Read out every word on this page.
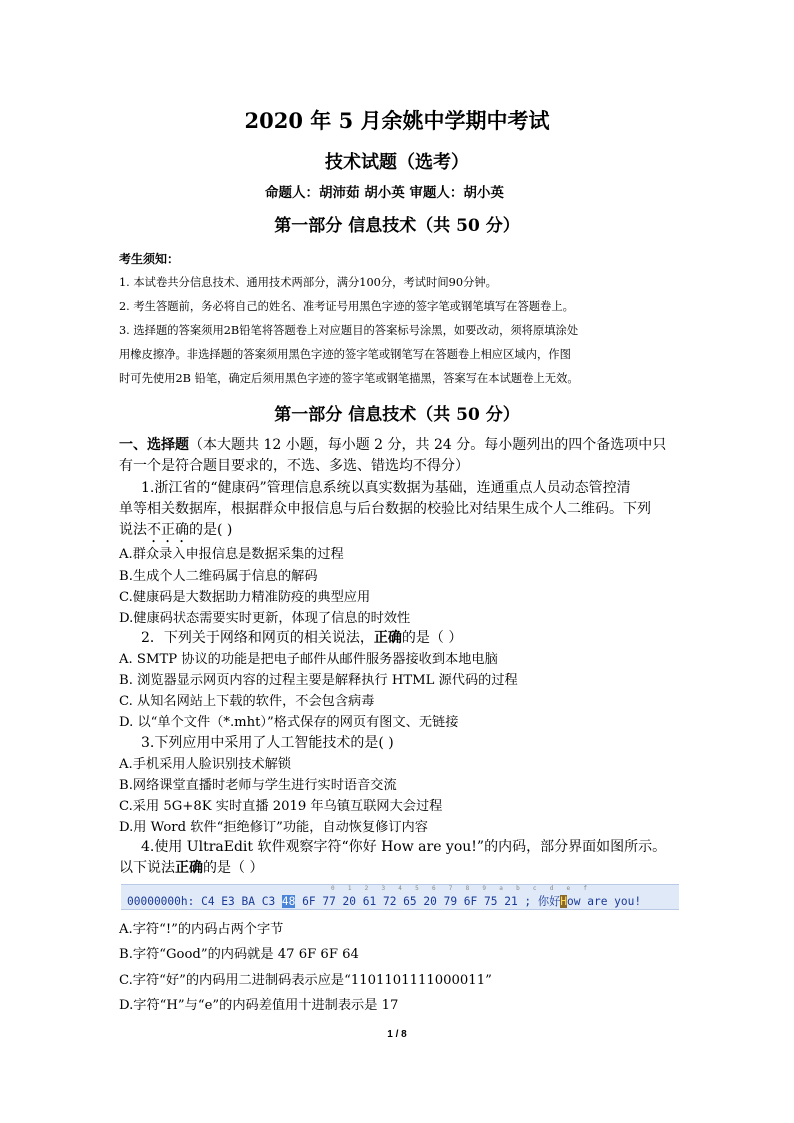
2020 年 5 月余姚中学期中考试
技术试题（选考）
命题人：胡沛茹 胡小英 审题人：胡小英
第一部分 信息技术（共 50 分）
考生须知：
1. 本试卷共分信息技术、通用技术两部分，满分100分，考试时间90分钟。
2. 考生答题前，务必将自己的姓名、准考证号用黑色字迹的签字笔或钢笔填写在答题卷上。
3. 选择题的答案须用2B铅笔将答题卷上对应题目的答案标号涂黑，如要改动，须将原填涂处
用橡皮擦净。非选择题的答案须用黑色字迹的签字笔或钢笔写在答题卷上相应区域内，作图
时可先使用2B 铅笔，确定后须用黑色字迹的签字笔或钢笔描黑，答案写在本试题卷上无效。
第一部分 信息技术（共 50 分）
一、选择题（本大题共 12 小题，每小题 2 分，共 24 分。每小题列出的四个备选项中只
有一个是符合题目要求的，不选、多选、错选均不得分）
1.浙江省的“健康码”管理信息系统以真实数据为基础，连通重点人员动态管控清
单等相关数据库，根据群众申报信息与后台数据的校验比对结果生成个人二维码。下列
说法不正确的是( )
A.群众录入申报信息是数据采集的过程
B.生成个人二维码属于信息的解码
C.健康码是大数据助力精准防疫的典型应用
D.健康码状态需要实时更新，体现了信息的时效性
2．下列关于网络和网页的相关说法，正确的是（ ）
A. SMTP 协议的功能是把电子邮件从邮件服务器接收到本地电脑
B. 浏览器显示网页内容的过程主要是解释执行 HTML 源代码的过程
C. 从知名网站上下载的软件，不会包含病毒
D. 以“单个文件（*.mht）”格式保存的网页有图文、无链接
3.下列应用中采用了人工智能技术的是( )
A.手机采用人脸识别技术解锁
B.网络课堂直播时老师与学生进行实时语音交流
C.采用 5G+8K 实时直播 2019 年乌镇互联网大会过程
D.用 Word 软件“拒绝修订”功能，自动恢复修订内容
4.使用 UltraEdit 软件观察字符“你好 How are you!”的内码，部分界面如图所示。
以下说法正确的是（ ）
0 1 2 3 4 5 6 7 8 9 a b c d e f
00000000h: C4 E3 BA C3 48 6F 77 20 61 72 65 20 79 6F 75 21 ; 你好How are you!
A.字符“!”的内码占两个字节
B.字符“Good”的内码就是 47 6F 6F 64
C.字符“好”的内码用二进制码表示应是“1101101111000011”
D.字符“H”与“e”的内码差值用十进制表示是 17
1 / 8
